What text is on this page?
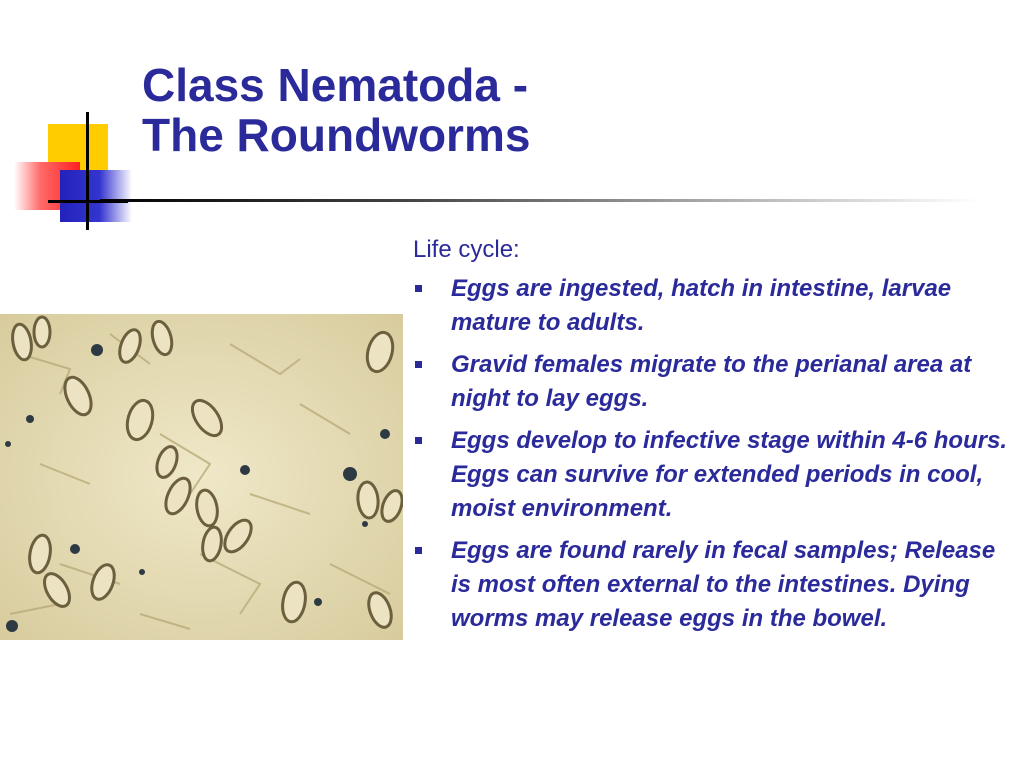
Class Nematoda -
The Roundworms

Life cycle:

Eggs are ingested, hatch in intestine, larvae mature to adults.
Gravid females migrate to the perianal area at night to lay eggs.
Eggs develop to infective stage within 4-6 hours. Eggs can survive for extended periods in cool, moist environment.
Eggs are found rarely in fecal samples; Release is most often external to the intestines. Dying worms may release eggs in the bowel.
